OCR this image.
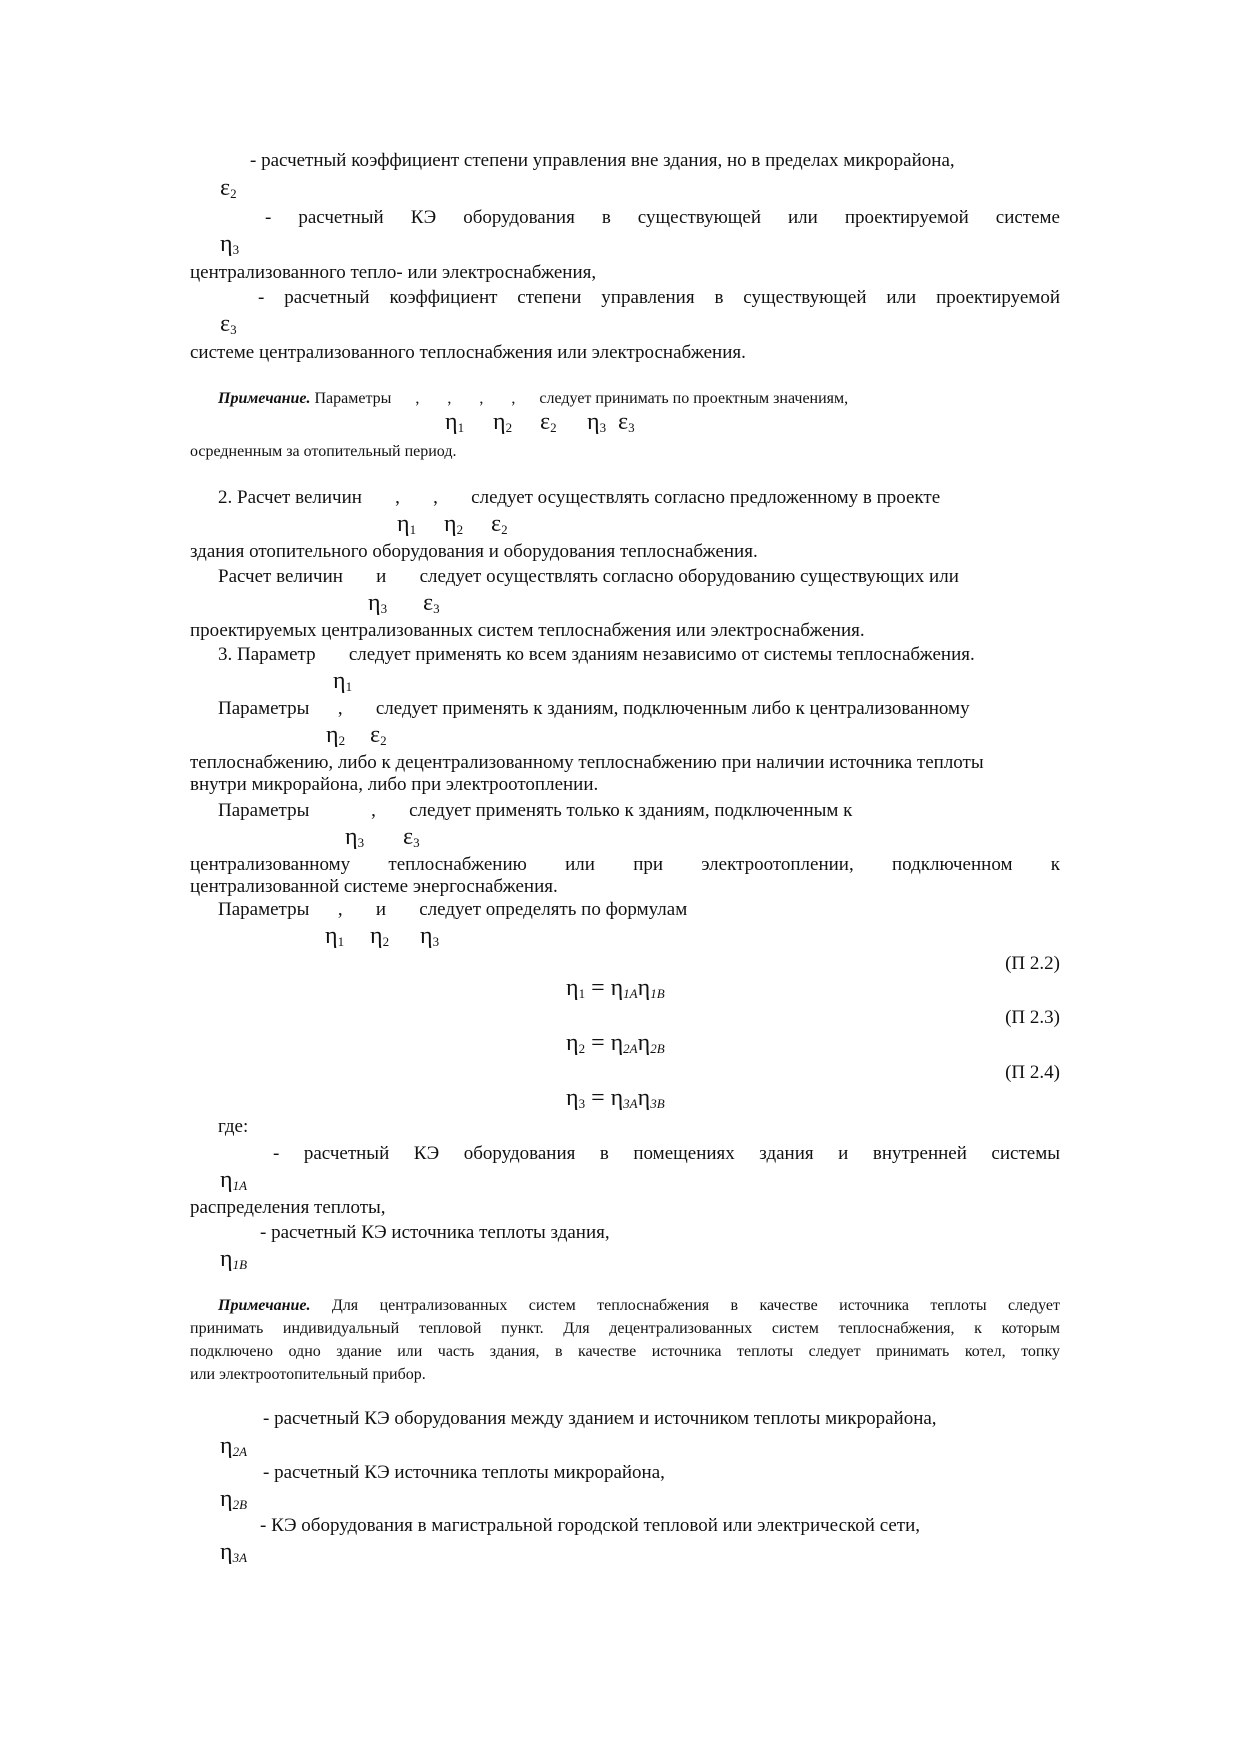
- расчетный коэффициент степени управления вне здания, но в пределах микрорайона,
$\varepsilon_2$
- расчетный КЭ оборудования в существующей или проектируемой системе
$\eta_3$
централизованного тепло- или электроснабжения,
- расчетный коэффициент степени управления в существующей или проектируемой
$\varepsilon_3$
системе централизованного теплоснабжения или электроснабжения.
Примечание. Параметры      ,       ,       ,       ,      следует принимать по проектным значениям,
$\eta_1$ $\eta_2$ $\varepsilon_2$ $\eta_3$ $\varepsilon_3$
осредненным за отопительный период.
2. Расчет величин       ,       ,       следует осуществлять согласно предложенному в проекте
$\eta_1$ $\eta_2$ $\varepsilon_2$
здания отопительного оборудования и оборудования теплоснабжения.
Расчет величин       и       следует осуществлять согласно оборудованию существующих или
$\eta_3$ $\varepsilon_3$
проектируемых централизованных систем теплоснабжения или электроснабжения.
3. Параметр       следует применять ко всем зданиям независимо от системы теплоснабжения.
$\eta_1$
Параметры      ,       следует применять к зданиям, подключенным либо к централизованному
$\eta_2$ $\varepsilon_2$
теплоснабжению, либо к децентрализованному теплоснабжению при наличии источника теплоты
внутри микрорайона, либо при электроотоплении.
Параметры             ,       следует применять только к зданиям, подключенным к
$\eta_3$ $\varepsilon_3$
централизованному теплоснабжению или при электроотоплении, подключенном к
централизованной системе энергоснабжения.
Параметры      ,       и       следует определять по формулам
$\eta_1$ $\eta_2$ $\eta_3$
(П 2.2)
$\eta_1 = \eta_{1A}\eta_{1B}$
(П 2.3)
$\eta_2 = \eta_{2A}\eta_{2B}$
(П 2.4)
$\eta_3 = \eta_{3A}\eta_{3B}$
где:
- расчетный КЭ оборудования в помещениях здания и внутренней системы
$\eta_{1A}$
распределения теплоты,
- расчетный КЭ источника теплоты здания,
$\eta_{1B}$
Примечание. Для централизованных систем теплоснабжения в качестве источника теплоты следует
принимать индивидуальный тепловой пункт. Для децентрализованных систем теплоснабжения, к которым
подключено одно здание или часть здания, в качестве источника теплоты следует принимать котел, топку
или электроотопительный прибор.
- расчетный КЭ оборудования между зданием и источником теплоты микрорайона,
$\eta_{2A}$
- расчетный КЭ источника теплоты микрорайона,
$\eta_{2B}$
- КЭ оборудования в магистральной городской тепловой или электрической сети,
$\eta_{3A}$
